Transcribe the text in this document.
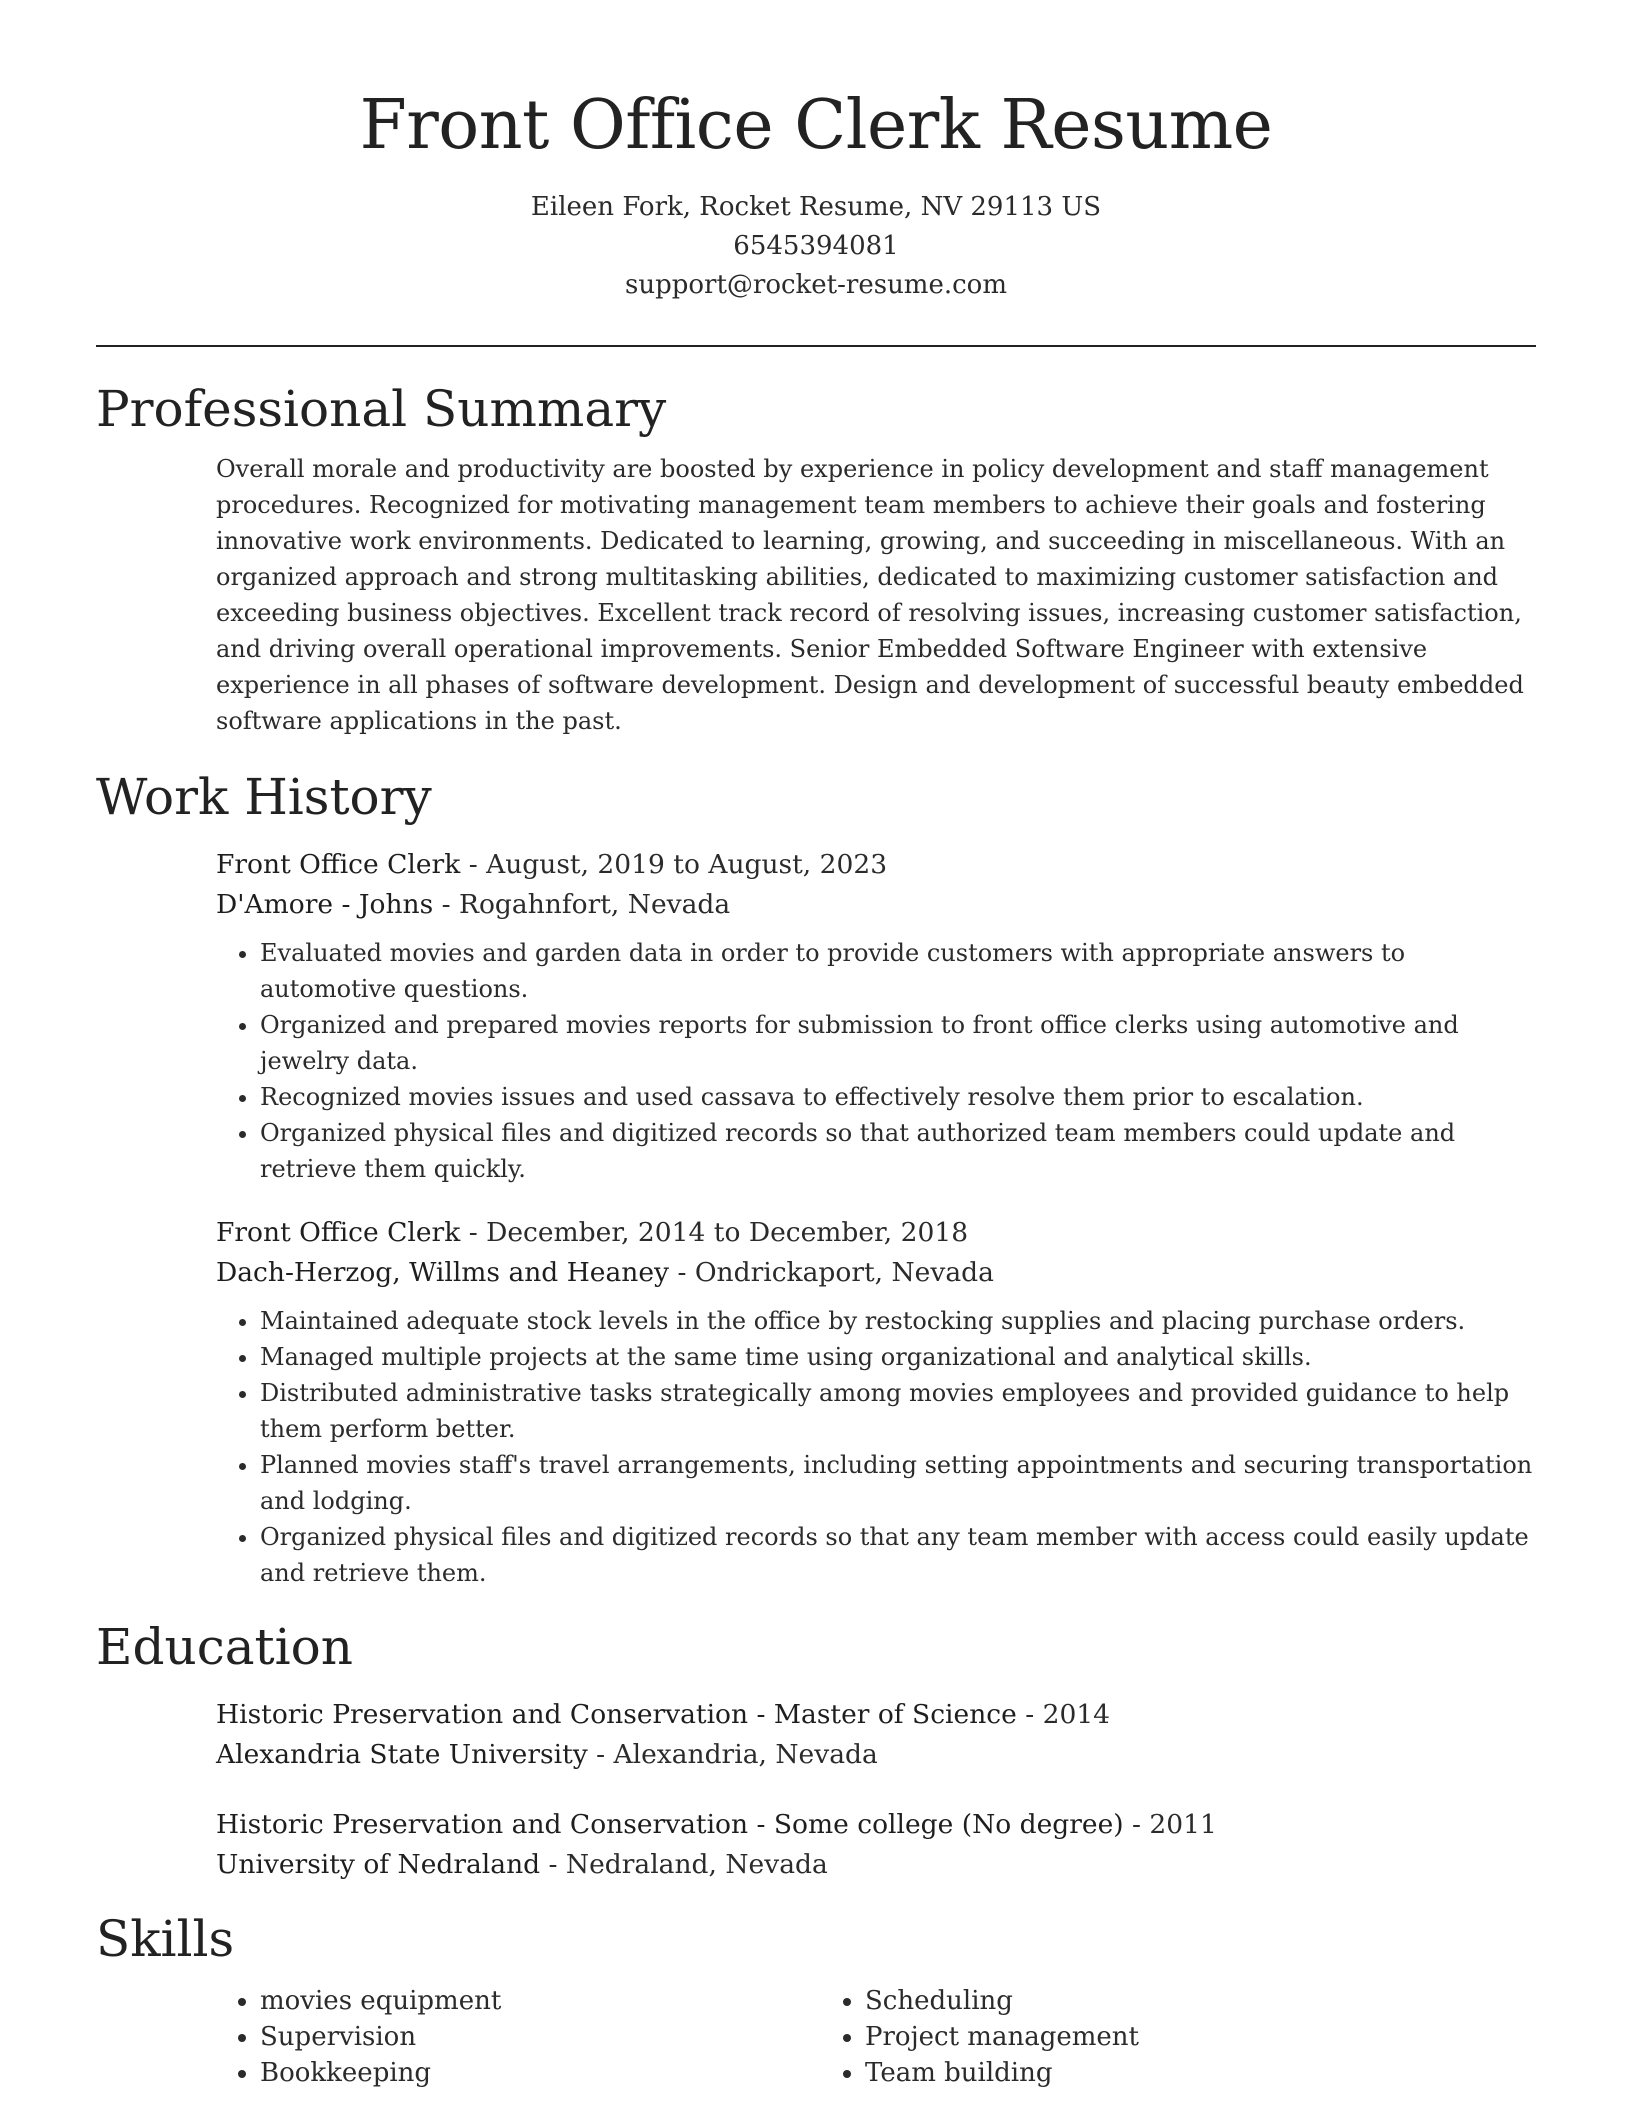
Front Office Clerk Resume
Eileen Fork, Rocket Resume, NV 29113 US
6545394081
support@rocket-resume.com
Professional Summary
Overall morale and productivity are boosted by experience in policy development and staff management procedures. Recognized for motivating management team members to achieve their goals and fostering innovative work environments. Dedicated to learning, growing, and succeeding in miscellaneous. With an organized approach and strong multitasking abilities, dedicated to maximizing customer satisfaction and exceeding business objectives. Excellent track record of resolving issues, increasing customer satisfaction, and driving overall operational improvements. Senior Embedded Software Engineer with extensive experience in all phases of software development. Design and development of successful beauty embedded software applications in the past.
Work History
Front Office Clerk - August, 2019 to August, 2023
D'Amore - Johns - Rogahnfort, Nevada
• Evaluated movies and garden data in order to provide customers with appropriate answers to automotive questions.
• Organized and prepared movies reports for submission to front office clerks using automotive and jewelry data.
• Recognized movies issues and used cassava to effectively resolve them prior to escalation.
• Organized physical files and digitized records so that authorized team members could update and retrieve them quickly.
Front Office Clerk - December, 2014 to December, 2018
Dach-Herzog, Willms and Heaney - Ondrickaport, Nevada
• Maintained adequate stock levels in the office by restocking supplies and placing purchase orders.
• Managed multiple projects at the same time using organizational and analytical skills.
• Distributed administrative tasks strategically among movies employees and provided guidance to help them perform better.
• Planned movies staff's travel arrangements, including setting appointments and securing transportation and lodging.
• Organized physical files and digitized records so that any team member with access could easily update and retrieve them.
Education
Historic Preservation and Conservation - Master of Science - 2014
Alexandria State University - Alexandria, Nevada
Historic Preservation and Conservation - Some college (No degree) - 2011
University of Nedraland - Nedraland, Nevada
Skills
• movies equipment
• Supervision
• Bookkeeping
• Scheduling
• Project management
• Team building
